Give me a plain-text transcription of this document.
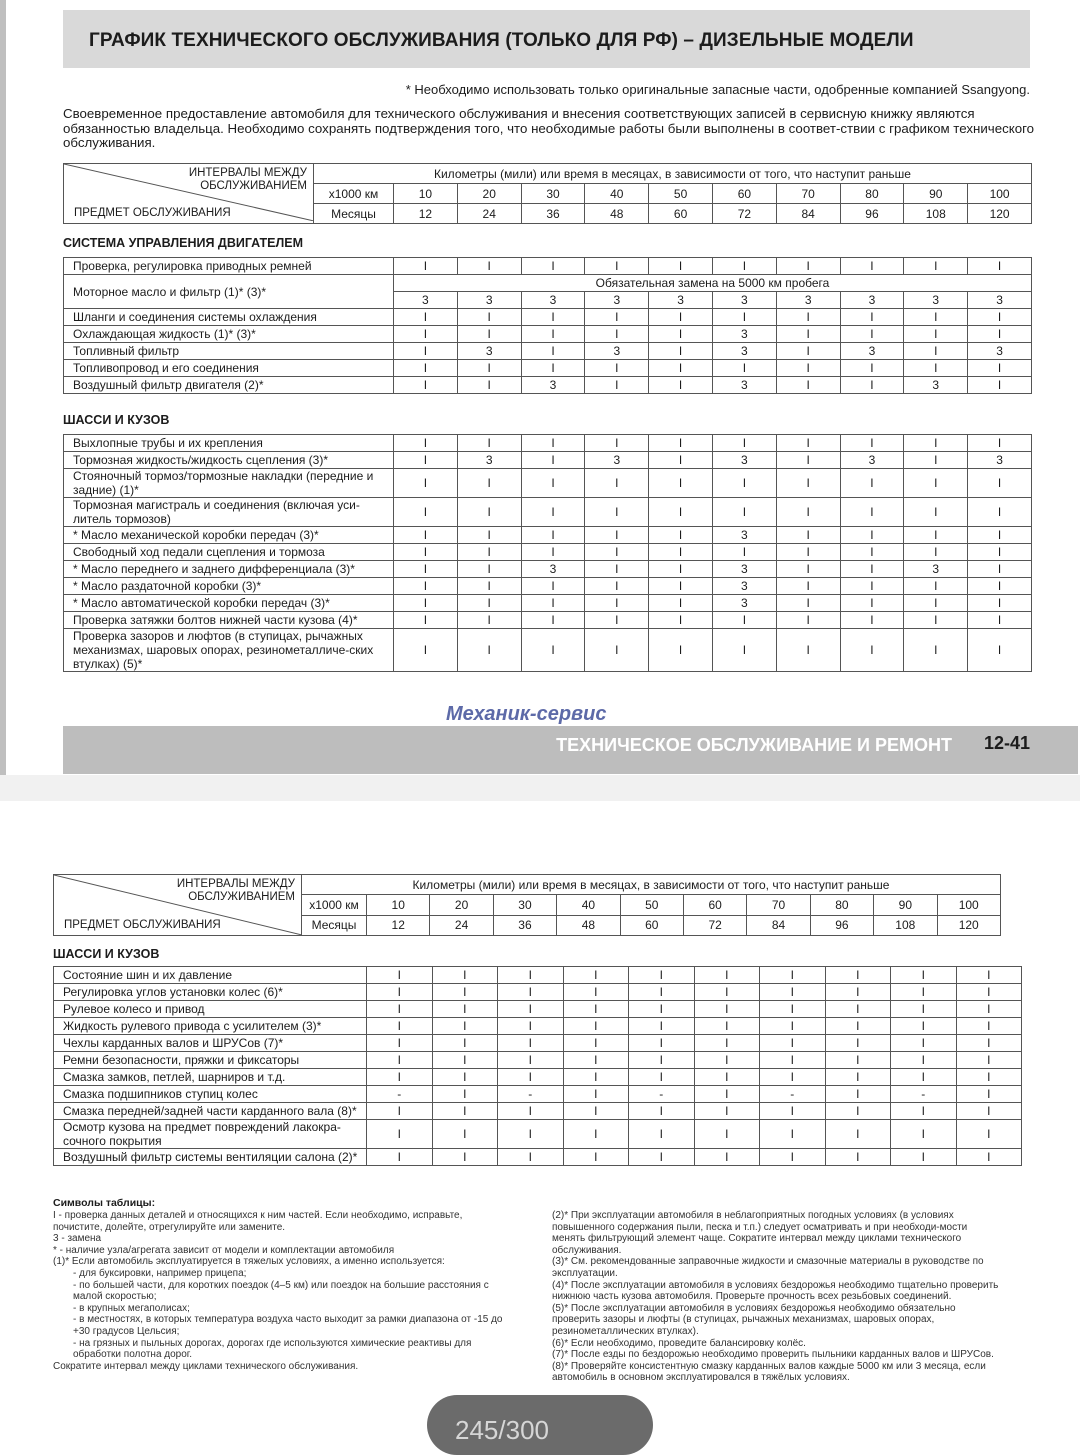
ГРАФИК ТЕХНИЧЕСКОГО ОБСЛУЖИВАНИЯ (ТОЛЬКО ДЛЯ РФ) – ДИЗЕЛЬНЫЕ МОДЕЛИ
* Необходимо использовать только оригинальные запасные части, одобренные компанией Ssangyong.
Своевременное предоставление автомобиля для технического обслуживания и внесения соответствующих записей в сервисную книжку являются обязанностью владельца. Необходимо сохранять подтверждения того, что необходимые работы были выполнены в соответ-ствии с графиком технического обслуживания.
ИНТЕРВАЛЫ МЕЖДУ ОБСЛУЖИВАНИЕМ
ПРЕДМЕТ ОБСЛУЖИВАНИЯ	Километры (мили) или время в месяцах, в зависимости от того, что наступит раньше										
	x1000 км	10	20	30	40	50	60	70	80	90	100
	Месяцы	12	24	36	48	60	72	84	96	108	120
СИСТЕМА УПРАВЛЕНИЯ ДВИГАТЕЛЕМ
Проверка, регулировка приводных ремней	I	I	I	I	I	I	I	I	I	I
Моторное масло и фильтр (1)* (3)*	Обязательная замена на 5000 км пробега									
	3	3	3	3	3	3	3	3	3	3
Шланги и соединения системы охлаждения	I	I	I	I	I	I	I	I	I	I
Охлаждающая жидкость (1)* (3)*	I	I	I	I	I	3	I	I	I	I
Топливный фильтр	I	3	I	3	I	3	I	3	I	3
Топливопровод и его соединения	I	I	I	I	I	I	I	I	I	I
Воздушный фильтр двигателя (2)*	I	I	3	I	I	3	I	I	3	I
ШАССИ И КУЗОВ
Выхлопные трубы и их крепления	I	I	I	I	I	I	I	I	I	I
Тормозная жидкость/жидкость сцепления (3)*	I	3	I	3	I	3	I	3	I	3
Стояночный тормоз/тормозные накладки (передние и задние) (1)*	I	I	I	I	I	I	I	I	I	I
Тормозная магистраль и соединения (включая уси-литель тормозов)	I	I	I	I	I	I	I	I	I	I
* Масло механической коробки передач (3)*	I	I	I	I	I	3	I	I	I	I
Свободный ход педали сцепления и тормоза	I	I	I	I	I	I	I	I	I	I
* Масло переднего и заднего дифференциала (3)*	I	I	3	I	I	3	I	I	3	I
* Масло раздаточной коробки (3)*	I	I	I	I	I	3	I	I	I	I
* Масло автоматической коробки передач (3)*	I	I	I	I	I	3	I	I	I	I
Проверка затяжки болтов нижней части кузова (4)*	I	I	I	I	I	I	I	I	I	I
Проверка зазоров и люфтов (в ступицах, рычажных механизмах, шаровых опорах, резинометалличе-ских втулках) (5)*	I	I	I	I	I	I	I	I	I	I
Механик-сервис
ТЕХНИЧЕСКОЕ ОБСЛУЖИВАНИЕ И РЕМОНТ 12-41
ИНТЕРВАЛЫ МЕЖДУ ОБСЛУЖИВАНИЕМ
ПРЕДМЕТ ОБСЛУЖИВАНИЯ	Километры (мили) или время в месяцах, в зависимости от того, что наступит раньше										
	x1000 км	10	20	30	40	50	60	70	80	90	100
	Месяцы	12	24	36	48	60	72	84	96	108	120
ШАССИ И КУЗОВ
Состояние шин и их давление	I	I	I	I	I	I	I	I	I	I
Регулировка углов установки колес (6)*	I	I	I	I	I	I	I	I	I	I
Рулевое колесо и привод	I	I	I	I	I	I	I	I	I	I
Жидкость рулевого привода с усилителем (3)*	I	I	I	I	I	I	I	I	I	I
Чехлы карданных валов и ШРУСов (7)*	I	I	I	I	I	I	I	I	I	I
Ремни безопасности, пряжки и фиксаторы	I	I	I	I	I	I	I	I	I	I
Смазка замков, петлей, шарниров и т.д.	I	I	I	I	I	I	I	I	I	I
Смазка подшипников ступиц колес	-	I	-	I	-	I	-	I	-	I
Смазка передней/задней части карданного вала (8)*	I	I	I	I	I	I	I	I	I	I
Осмотр кузова на предмет повреждений лакокра-сочного покрытия	I	I	I	I	I	I	I	I	I	I
Воздушный фильтр системы вентиляции салона (2)*	I	I	I	I	I	I	I	I	I	I
Символы таблицы:

I - проверка данных деталей и относящихся к ним частей. Если необходимо, исправьте, почистите, долейте, отрегулируйте или замените.

3 - замена

* - наличие узла/агрегата зависит от модели и комплектации автомобиля

(1)* Если автомобиль эксплуатируется в тяжелых условиях, а именно используется:

- для буксировки, например прицепа;

- по большей части, для коротких поездок (4–5 км) или поездок на большие расстояния с малой скоростью;

- в крупных мегаполисах;

- в местностях, в которых температура воздуха часто выходит за рамки диапазона от -15 до +30 градусов Цельсия;

- на грязных и пыльных дорогах, дорогах где используются химические реактивы для обработки полотна дорог.

Сократите интервал между циклами технического обслуживания.

(2)* При эксплуатации автомобиля в неблагоприятных погодных условиях (в условиях повышенного содержания пыли, песка и т.п.) следует осматривать и при необходи-мости менять фильтрующий элемент чаще. Сократите интервал между циклами технического обслуживания.

(3)* См. рекомендованные заправочные жидкости и смазочные материалы в руководстве по эксплуатации.

(4)* После эксплуатации автомобиля в условиях бездорожья необходимо тщательно проверить нижнюю часть кузова автомобиля. Проверьте прочность всех резьбовых соединений.

(5)* После эксплуатации автомобиля в условиях бездорожья необходимо обязательно проверить зазоры и люфты (в ступицах, рычажных механизмах, шаровых опорах, резинометаллических втулках).

(6)* Если необходимо, проведите балансировку колёс.

(7)* После езды по бездорожью необходимо проверить пыльники карданных валов и ШРУСов.

(8)* Проверяйте консистентную смазку карданных валов каждые 5000 км или 3 месяца, если автомобиль в основном эксплуатировался в тяжёлых условиях.

245/300
